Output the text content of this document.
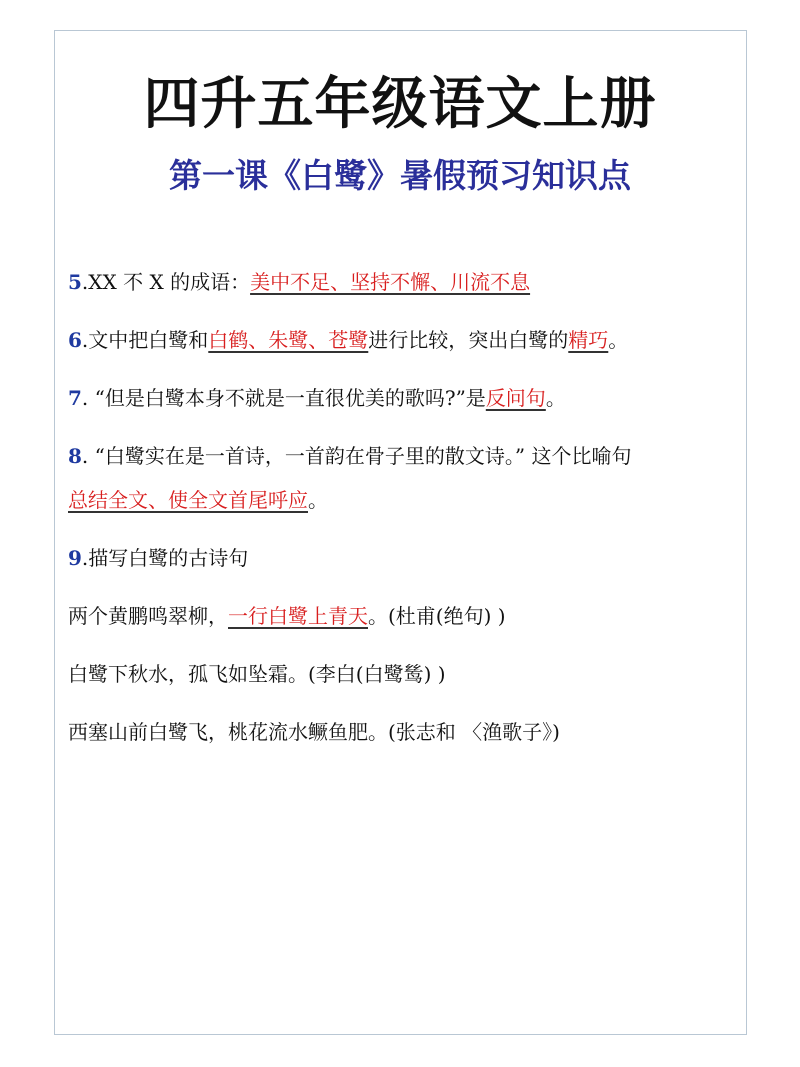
四升五年级语文上册
第一课《白鹭》暑假预习知识点
5.XX 不 X 的成语：美中不足、坚持不懈、川流不息
6.文中把白鹭和白鹤、朱鹭、苍鹭进行比较，突出白鹭的精巧。
7. “但是白鹭本身不就是一直很优美的歌吗?”是反问句。
8. “白鹭实在是一首诗，一首韵在骨子里的散文诗。” 这个比喻句
总结全文、使全文首尾呼应。
9.描写白鹭的古诗句
两个黄鹏鸣翠柳，一行白鹭上青天。(杜甫(绝句) )
白鹭下秋水，孤飞如坠霜。(李白(白鹭鸶) )
西塞山前白鹭飞，桃花流水鳜鱼肥。(张志和 〈渔歌子》)
